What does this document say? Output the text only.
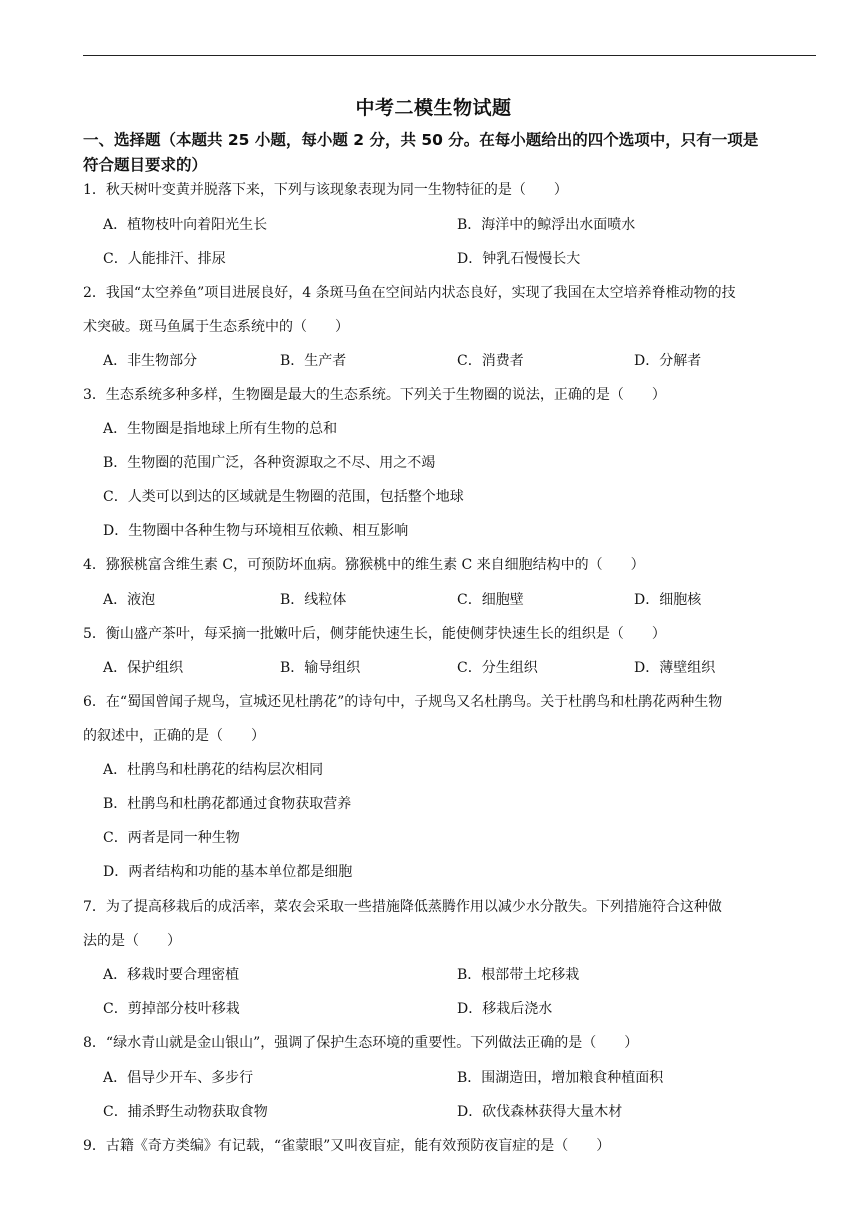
中考二模生物试题
一、选择题（本题共 25 小题，每小题 2 分，共 50 分。在每小题给出的四个选项中，只有一项是
符合题目要求的）
1．秋天树叶变黄并脱落下来，下列与该现象表现为同一生物特征的是（　　）
A．植物枝叶向着阳光生长	B．海洋中的鲸浮出水面喷水
C．人能排汗、排尿	D．钟乳石慢慢长大
2．我国“太空养鱼”项目进展良好，4 条斑马鱼在空间站内状态良好，实现了我国在太空培养脊椎动物的技
术突破。斑马鱼属于生态系统中的（　　）
A．非生物部分	B．生产者	C．消费者	D．分解者
3．生态系统多种多样，生物圈是最大的生态系统。下列关于生物圈的说法，正确的是（　　）
A．生物圈是指地球上所有生物的总和
B．生物圈的范围广泛，各种资源取之不尽、用之不竭
C．人类可以到达的区域就是生物圈的范围，包括整个地球
D．生物圈中各种生物与环境相互依赖、相互影响
4．猕猴桃富含维生素 C，可预防坏血病。猕猴桃中的维生素 C 来自细胞结构中的（　　）
A．液泡	B．线粒体	C．细胞壁	D．细胞核
5．衡山盛产茶叶，每采摘一批嫩叶后，侧芽能快速生长，能使侧芽快速生长的组织是（　　）
A．保护组织	B．输导组织	C．分生组织	D．薄壁组织
6．在“蜀国曾闻子规鸟，宣城还见杜鹃花”的诗句中，子规鸟又名杜鹃鸟。关于杜鹃鸟和杜鹃花两种生物
的叙述中，正确的是（　　）
A．杜鹃鸟和杜鹃花的结构层次相同
B．杜鹃鸟和杜鹃花都通过食物获取营养
C．两者是同一种生物
D．两者结构和功能的基本单位都是细胞
7．为了提高移栽后的成活率，菜农会采取一些措施降低蒸腾作用以减少水分散失。下列措施符合这种做
法的是（　　）
A．移栽时要合理密植	B．根部带土坨移栽
C．剪掉部分枝叶移栽	D．移栽后浇水
8．“绿水青山就是金山银山”，强调了保护生态环境的重要性。下列做法正确的是（　　）
A．倡导少开车、多步行	B．围湖造田，增加粮食种植面积
C．捕杀野生动物获取食物	D．砍伐森林获得大量木材
9．古籍《奇方类编》有记载，“雀蒙眼”又叫夜盲症，能有效预防夜盲症的是（　　）
